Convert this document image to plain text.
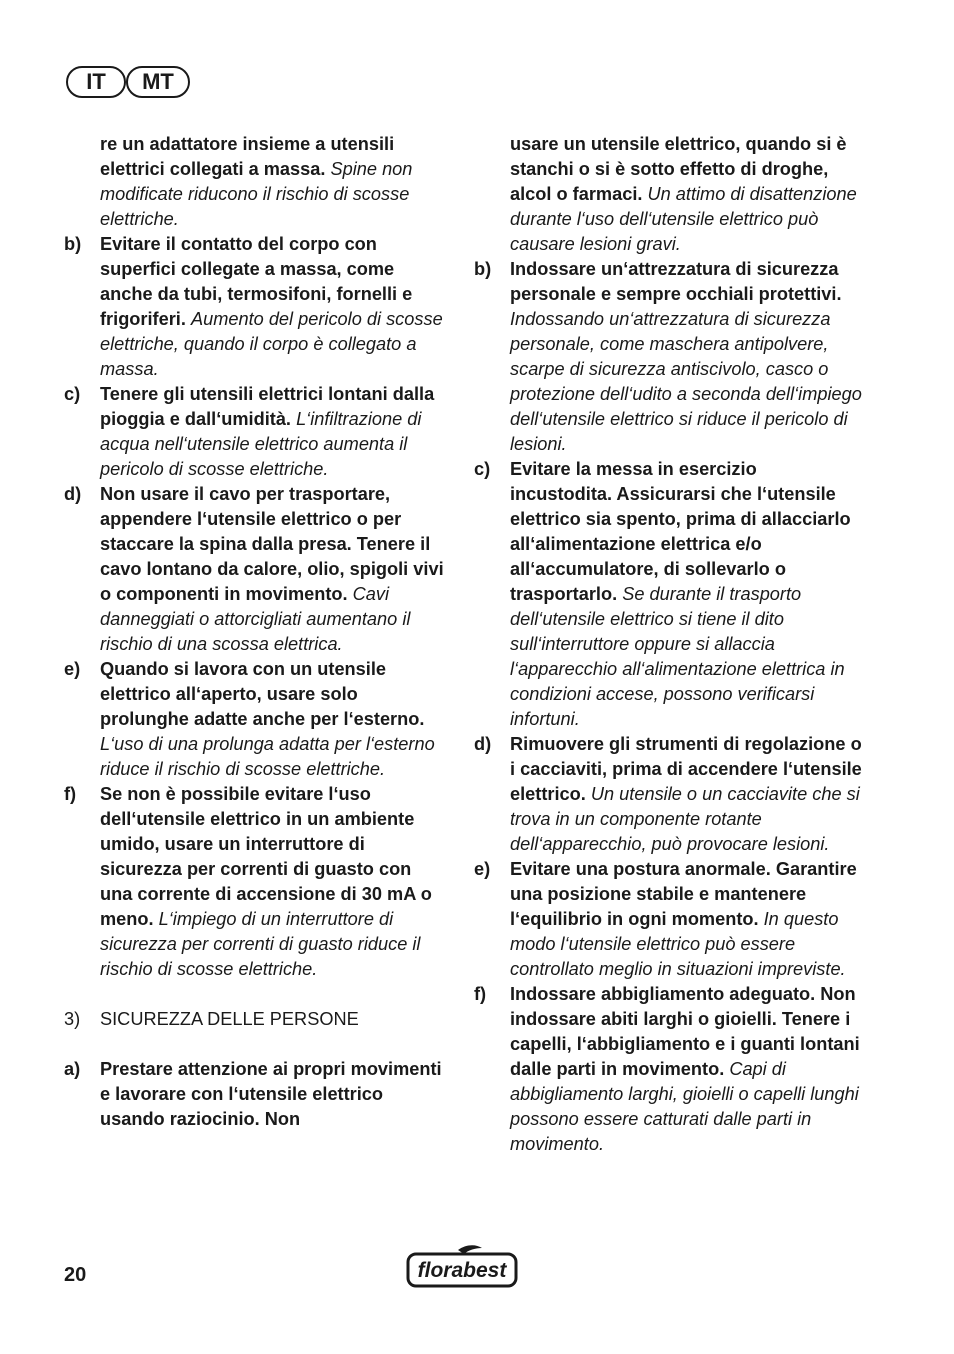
IT	MT
re un adattatore insieme a utensili elettrici collegati a massa. Spine non modificate riducono il rischio di scosse elettriche.
b) Evitare il contatto del corpo con superfici collegate a massa, come anche da tubi, termosifoni, fornelli e frigoriferi. Aumento del pericolo di scosse elettriche, quando il corpo è collegato a massa.
c) Tenere gli utensili elettrici lontani dalla pioggia e dall‘umidità. L‘infiltrazione di acqua nell‘utensile elettrico aumenta il pericolo di scosse elettriche.
d) Non usare il cavo per trasportare, appendere l‘utensile elettrico o per staccare la spina dalla presa. Tenere il cavo lontano da calore, olio, spigoli vivi o componenti in movimento. Cavi danneggiati o attorcigliati aumentano il rischio di una scossa elettrica.
e) Quando si lavora con un utensile elettrico all‘aperto, usare solo prolunghe adatte anche per l‘esterno. L‘uso di una prolunga adatta per l‘esterno riduce il rischio di scosse elettriche.
f) Se non è possibile evitare l‘uso dell‘utensile elettrico in un ambiente umido, usare un interruttore di sicurezza per correnti di guasto con una corrente di accensione di 30 mA o meno. L‘impiego di un interruttore di sicurezza per correnti di guasto riduce il rischio di scosse elettriche.
3) SICUREZZA DELLE PERSONE
a) Prestare attenzione ai propri movimenti e lavorare con l‘utensile elettrico usando raziocinio. Non
usare un utensile elettrico, quando si è stanchi o si è sotto effetto di droghe, alcol o farmaci. Un attimo di disattenzione durante l‘uso dell‘utensile elettrico può causare lesioni gravi.
b) Indossare un‘attrezzatura di sicurezza personale e sempre occhiali protettivi. Indossando un‘attrezzatura di sicurezza personale, come maschera antipolvere, scarpe di sicurezza antiscivolo, casco o protezione dell‘udito a seconda dell‘impiego dell‘utensile elettrico si riduce il pericolo di lesioni.
c) Evitare la messa in esercizio incustodita. Assicurarsi che l‘utensile elettrico sia spento, prima di allacciarlo all‘alimentazione elettrica e/o all‘accumulatore, di sollevarlo o trasportarlo. Se durante il trasporto dell‘utensile elettrico si tiene il dito sull‘interruttore oppure si allaccia l‘apparecchio all‘alimentazione elettrica in condizioni accese, possono verificarsi infortuni.
d) Rimuovere gli strumenti di regolazione o i cacciaviti, prima di accendere l‘utensile elettrico. Un utensile o un cacciavite che si trova in un componente rotante dell‘apparecchio, può provocare lesioni.
e) Evitare una postura anormale. Garantire una posizione stabile e mantenere l‘equilibrio in ogni momento. In questo modo l‘utensile elettrico può essere controllato meglio in situazioni impreviste.
f) Indossare abbigliamento adeguato. Non indossare abiti larghi o gioielli. Tenere i capelli, l‘abbigliamento e i guanti lontani dalle parti in movimento. Capi di abbigliamento larghi, gioielli o capelli lunghi possono essere catturati dalle parti in movimento.
20	florabest
